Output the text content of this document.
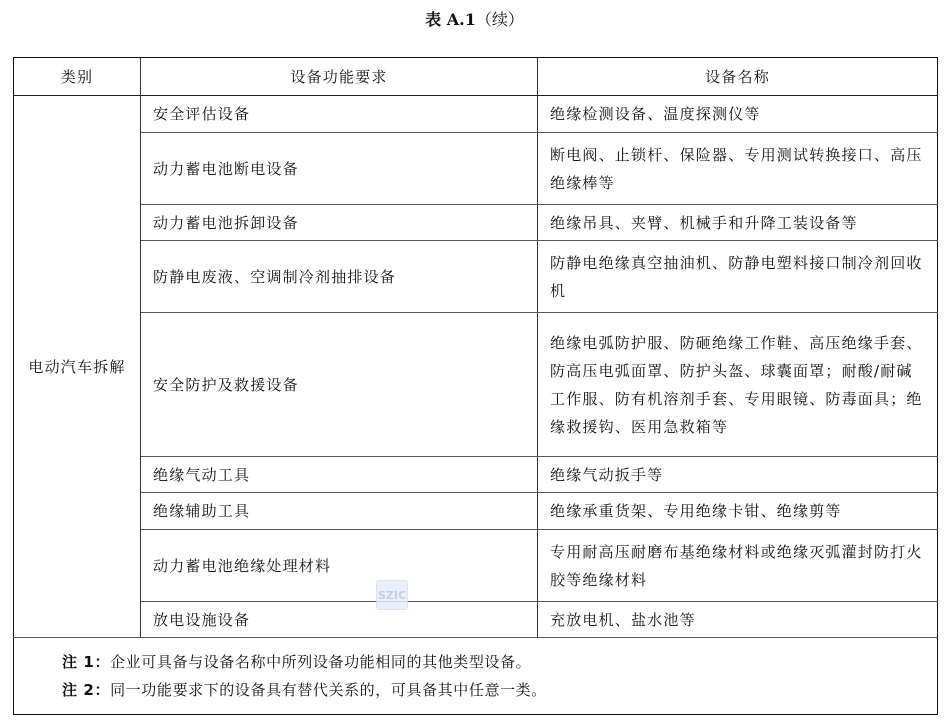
表 A.1（续）
类别	设备功能要求	设备名称
电动汽车拆解	安全评估设备	绝缘检测设备、温度探测仪等
	动力蓄电池断电设备	断电阀、止锁杆、保险器、专用测试转换接口、高压绝缘棒等
	动力蓄电池拆卸设备	绝缘吊具、夹臂、机械手和升降工装设备等
	防静电废液、空调制冷剂抽排设备	防静电绝缘真空抽油机、防静电塑料接口制冷剂回收机
	安全防护及救援设备	绝缘电弧防护服、防砸绝缘工作鞋、高压绝缘手套、防高压电弧面罩、防护头盔、球囊面罩；耐酸/耐碱工作服、防有机溶剂手套、专用眼镜、防毒面具；绝缘救援钩、医用急救箱等
	绝缘气动工具	绝缘气动扳手等
	绝缘辅助工具	绝缘承重货架、专用绝缘卡钳、绝缘剪等
	动力蓄电池绝缘处理材料	专用耐高压耐磨布基绝缘材料或绝缘灭弧灌封防打火胶等绝缘材料
	放电设施设备	充放电机、盐水池等

注 1：企业可具备与设备名称中所列设备功能相同的其他类型设备。
注 2：同一功能要求下的设备具有替代关系的，可具备其中任意一类。		
SZIC
